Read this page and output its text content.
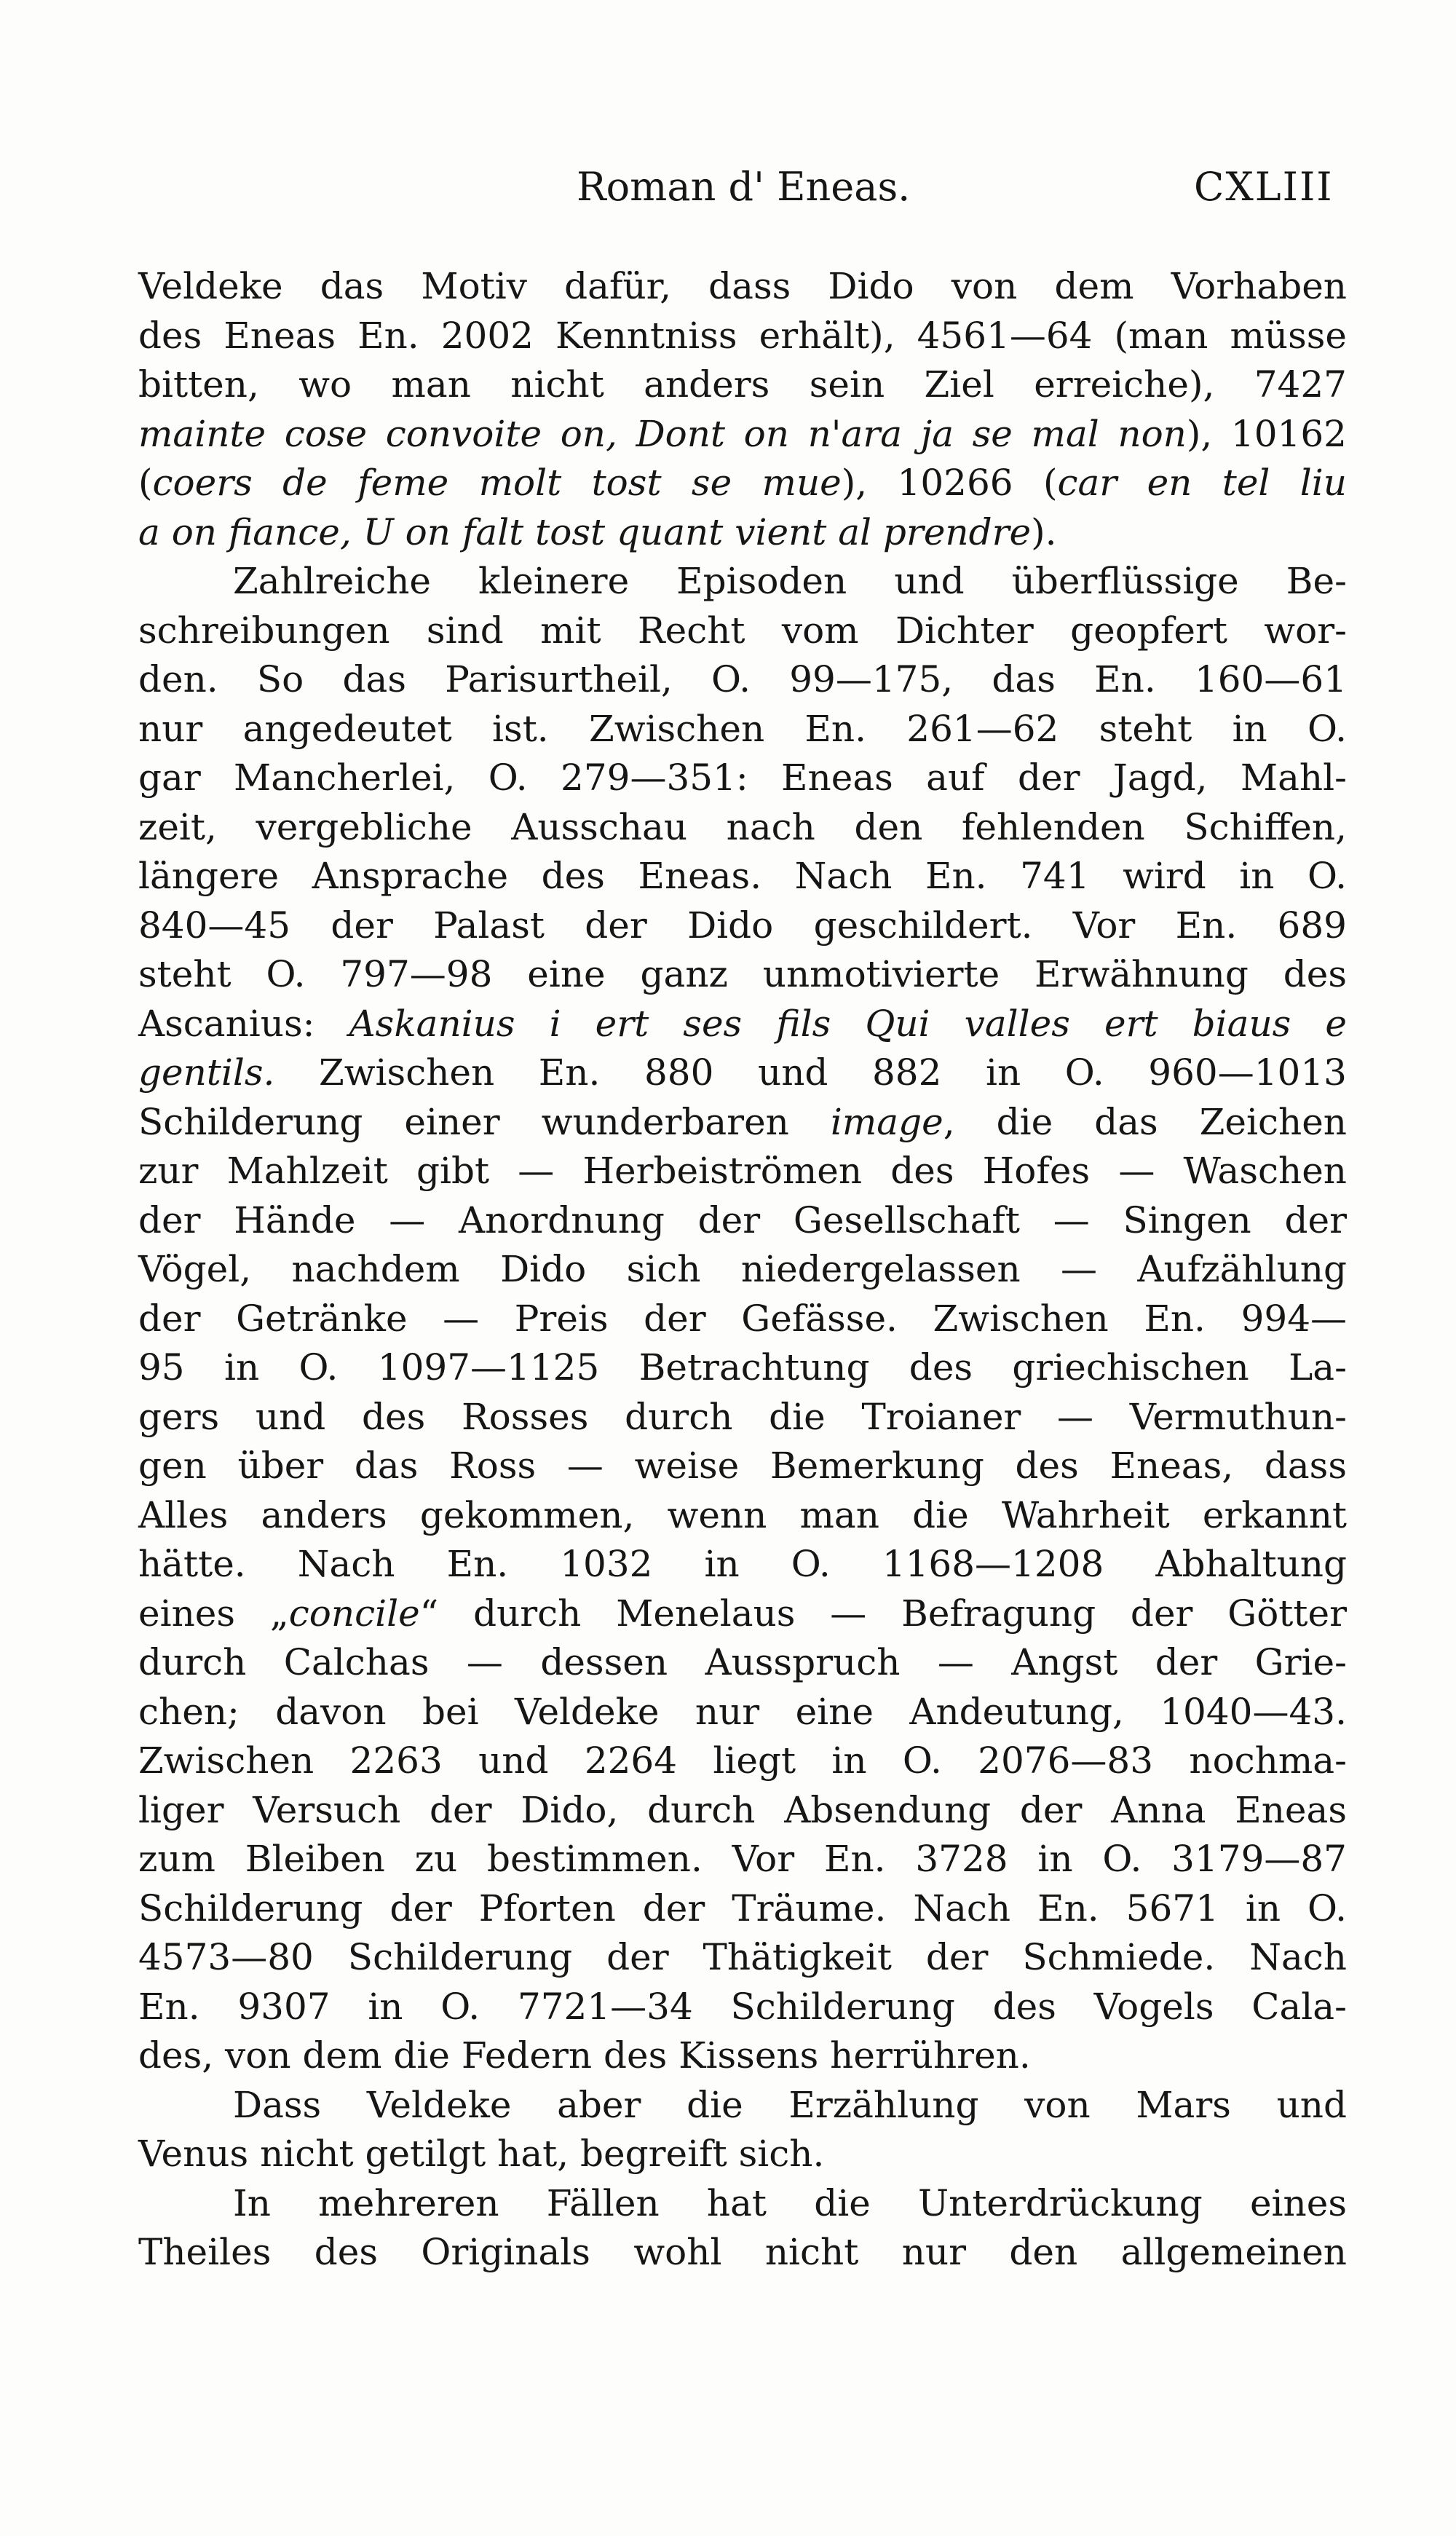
Roman d' Eneas.	CXLIII
Veldeke das Motiv dafür, dass Dido von dem Vorhaben
des Eneas En. 2002 Kenntniss erhält), 4561—64 (man müsse
bitten, wo man nicht anders sein Ziel erreiche), 7427
mainte cose convoite on, Dont on n'ara ja se mal non), 10162
(coers de feme molt tost se mue), 10266 (car en tel liu
a on fiance, U on falt tost quant vient al prendre).
Zahlreiche kleinere Episoden und überflüssige Be-
schreibungen sind mit Recht vom Dichter geopfert wor-
den. So das Parisurtheil, O. 99—175, das En. 160—61
nur angedeutet ist. Zwischen En. 261—62 steht in O.
gar Mancherlei, O. 279—351: Eneas auf der Jagd, Mahl-
zeit, vergebliche Ausschau nach den fehlenden Schiffen,
längere Ansprache des Eneas. Nach En. 741 wird in O.
840—45 der Palast der Dido geschildert. Vor En. 689
steht O. 797—98 eine ganz unmotivierte Erwähnung des
Ascanius: Askanius i ert ses fils Qui valles ert biaus e
gentils. Zwischen En. 880 und 882 in O. 960—1013
Schilderung einer wunderbaren image, die das Zeichen
zur Mahlzeit gibt — Herbeiströmen des Hofes — Waschen
der Hände — Anordnung der Gesellschaft — Singen der
Vögel, nachdem Dido sich niedergelassen — Aufzählung
der Getränke — Preis der Gefässe. Zwischen En. 994—
95 in O. 1097—1125 Betrachtung des griechischen La-
gers und des Rosses durch die Troianer — Vermuthun-
gen über das Ross — weise Bemerkung des Eneas, dass
Alles anders gekommen, wenn man die Wahrheit erkannt
hätte. Nach En. 1032 in O. 1168—1208 Abhaltung
eines „concile“ durch Menelaus — Befragung der Götter
durch Calchas — dessen Ausspruch — Angst der Grie-
chen; davon bei Veldeke nur eine Andeutung, 1040—43.
Zwischen 2263 und 2264 liegt in O. 2076—83 nochma-
liger Versuch der Dido, durch Absendung der Anna Eneas
zum Bleiben zu bestimmen. Vor En. 3728 in O. 3179—87
Schilderung der Pforten der Träume. Nach En. 5671 in O.
4573—80 Schilderung der Thätigkeit der Schmiede. Nach
En. 9307 in O. 7721—34 Schilderung des Vogels Cala-
des, von dem die Federn des Kissens herrühren.
Dass Veldeke aber die Erzählung von Mars und
Venus nicht getilgt hat, begreift sich.
In mehreren Fällen hat die Unterdrückung eines
Theiles des Originals wohl nicht nur den allgemeinen
